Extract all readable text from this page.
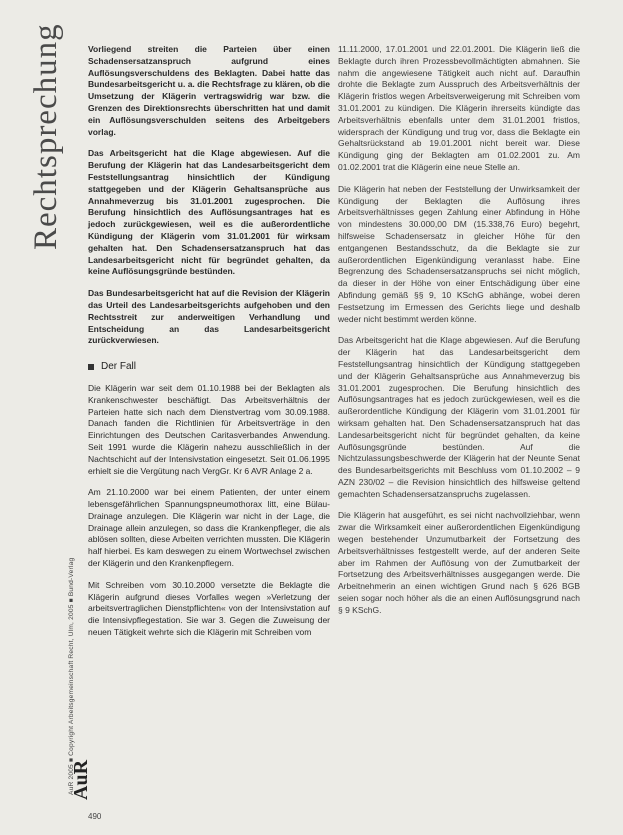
Rechtsprechung
AuR 2005 ■ Copyright Arbeitsgemeinschaft Recht, Ulm, 2005 ■ Bund-Verlag
AuR
490

Vorliegend streiten die Parteien über einen Schadensersatzanspruch aufgrund eines Auflösungsverschuldens des Beklagten. Dabei hatte das Bundesarbeitsgericht u. a. die Rechtsfrage zu klären, ob die Umsetzung der Klägerin vertragswidrig war bzw. die Grenzen des Direktionsrechts überschritten hat und damit ein Auflösungsverschulden seitens des Arbeitgebers vorlag.

Das Arbeitsgericht hat die Klage abgewiesen. Auf die Berufung der Klägerin hat das Landesarbeitsgericht dem Feststellungsantrag hinsichtlich der Kündigung stattgegeben und der Klägerin Gehaltsansprüche aus Annahmeverzug bis 31.01.2001 zugesprochen. Die Berufung hinsichtlich des Auflösungsantrages hat es jedoch zurückgewiesen, weil es die außerordentliche Kündigung der Klägerin vom 31.01.2001 für wirksam gehalten hat. Den Schadensersatzanspruch hat das Landesarbeitsgericht nicht für begründet gehalten, da keine Auflösungsgründe bestünden.

Das Bundesarbeitsgericht hat auf die Revision der Klägerin das Urteil des Landesarbeitsgerichts aufgehoben und den Rechtsstreit zur anderweitigen Verhandlung und Entscheidung an das Landesarbeitsgericht zurückverwiesen.

Der Fall

Die Klägerin war seit dem 01.10.1988 bei der Beklagten als Krankenschwester beschäftigt. Das Arbeitsverhältnis der Parteien hatte sich nach dem Dienstvertrag vom 30.09.1988. Danach fanden die Richtlinien für Arbeitsverträge in den Einrichtungen des Deutschen Caritasverbandes Anwendung. Seit 1991 wurde die Klägerin nahezu ausschließlich in der Nachtschicht auf der Intensivstation eingesetzt. Seit 01.06.1995 erhielt sie die Vergütung nach VergGr. Kr 6 AVR Anlage 2 a.

Am 21.10.2000 war bei einem Patienten, der unter einem lebensgefährlichen Spannungspneumothorax litt, eine Bülau-Drainage anzulegen. Die Klägerin war nicht in der Lage, die Drainage allein anzulegen, so dass die Krankenpfleger, die als ablösen sollten, diese Arbeiten verrichten mussten. Die Klägerin half hierbei. Es kam deswegen zu einem Wortwechsel zwischen der Klägerin und den Krankenpflegern.

Mit Schreiben vom 30.10.2000 versetzte die Beklagte die Klägerin aufgrund dieses Vorfalles wegen »Verletzung der arbeitsvertraglichen Dienstpflichten« von der Intensivstation auf die Intensivpflegestation. Sie war 3. Gegen die Zuweisung der neuen Tätigkeit wehrte sich die Klägerin mit Schreiben vom

11.11.2000, 17.01.2001 und 22.01.2001. Die Klägerin ließ die Beklagte durch ihren Prozessbevollmächtigten abmahnen. Sie nahm die angewiesene Tätigkeit auch nicht auf. Daraufhin drohte die Beklagte zum Ausspruch des Arbeitsverhältnis der Klägerin fristlos wegen Arbeitsverweigerung mit Schreiben vom 31.01.2001 zu kündigen. Die Klägerin ihrerseits kündigte das Arbeitsverhältnis ebenfalls unter dem 31.01.2001 fristlos, widersprach der Kündigung und trug vor, dass die Beklagte ein Gehaltsrückstand ab 19.01.2001 nicht bereit war. Diese Kündigung ging der Beklagten am 01.02.2001 zu. Am 01.02.2001 trat die Klägerin eine neue Stelle an.

Die Klägerin hat neben der Feststellung der Unwirksamkeit der Kündigung der Beklagten die Auflösung ihres Arbeitsverhältnisses gegen Zahlung einer Abfindung in Höhe von mindestens 30.000,00 DM (15.338,76 Euro) begehrt, hilfsweise Schadensersatz in gleicher Höhe für den entgangenen Bestandsschutz, da die Beklagte sie zur außerordentlichen Eigenkündigung veranlasst habe. Eine Begrenzung des Schadensersatzanspruchs sei nicht möglich, da dieser in der Höhe von einer Entschädigung über eine Abfindung gemäß §§ 9, 10 KSchG abhänge, wobei deren Festsetzung im Ermessen des Gerichts liege und deshalb weder nicht bestimmt werden könne.

Das Arbeitsgericht hat die Klage abgewiesen. Auf die Berufung der Klägerin hat das Landesarbeitsgericht dem Feststellungsantrag hinsichtlich der Kündigung stattgegeben und der Klägerin Gehaltsansprüche aus Annahmeverzug bis 31.01.2001 zugesprochen. Die Berufung hinsichtlich des Auflösungsantrages hat es jedoch zurückgewiesen, weil es die außerordentliche Kündigung der Klägerin vom 31.01.2001 für wirksam gehalten hat. Den Schadensersatzanspruch hat das Landesarbeitsgericht nicht für begründet gehalten, da keine Auflösungsgründe bestünden. Auf die Nichtzulassungsbeschwerde der Klägerin hat der Neunte Senat des Bundesarbeitsgerichts mit Beschluss vom 01.10.2002 – 9 AZN 230/02 – die Revision hinsichtlich des hilfsweise geltend gemachten Schadensersatzanspruchs zugelassen.

Die Klägerin hat ausgeführt, es sei nicht nachvollziehbar, wenn zwar die Wirksamkeit einer außerordentlichen Eigenkündigung wegen bestehender Unzumutbarkeit der Fortsetzung des Arbeitsverhältnisses festgestellt werde, auf der anderen Seite aber im Rahmen der Auflösung von der Zumutbarkeit der Fortsetzung des Arbeitsverhältnisses ausgegangen werde. Die Arbeitnehmerin an einen wichtigen Grund nach § 626 BGB seien sogar noch höher als die an einen Auflösungsgrund nach § 9 KSchG.
